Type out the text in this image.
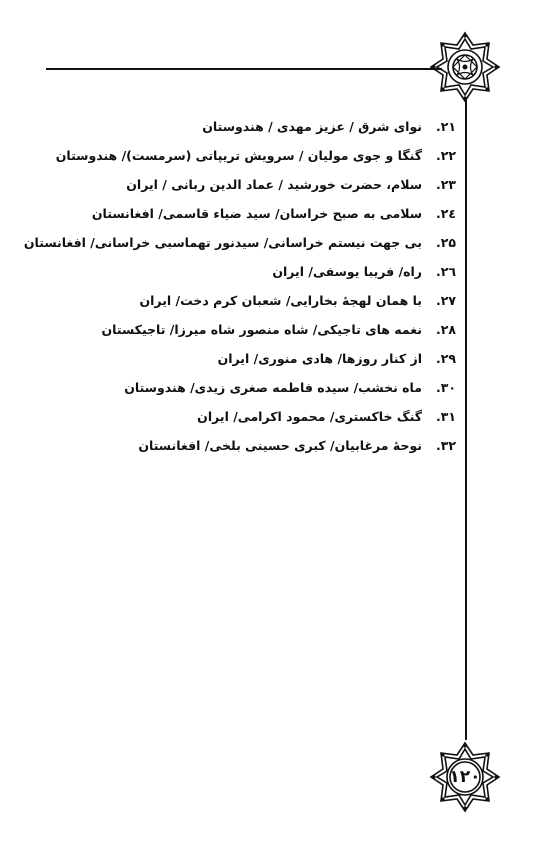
۱۲۰
۲۱.نوای شرق / عزیز مهدی / هندوستان
۲۲.گنگا و جوی مولیان / سرویش تریپاتی (سرمست)/ هندوستان
۲۳.سلام، حضرت خورشید / عماد الدین ربانی / ایران
۲٤.سلامی به صبح خراسان/ سید ضیاء قاسمی/ افغانستان
۲۵.بی جهت نیستم خراسانی/ سیدنور تهماسبی خراسانی/ افغانستان
۲٦.راه/ فریبا یوسفی/ ایران
۲۷.با همان لهجهٔ بخارایی/ شعبان کرم دخت/ ایران
۲۸.نغمه های تاجیکی/ شاه منصور شاه میرزا/ تاجیکستان
۲۹.از کنار روزها/ هادی منوری/ ایران
۳۰.ماه نخشب/ سیده فاطمه صغری زیدی/ هندوستان
۳۱.گنگ خاکستری/ محمود اکرامی/ ایران
۳۲.نوحهٔ مرغابیان/ کبری حسینی بلخی/ افغانستان
